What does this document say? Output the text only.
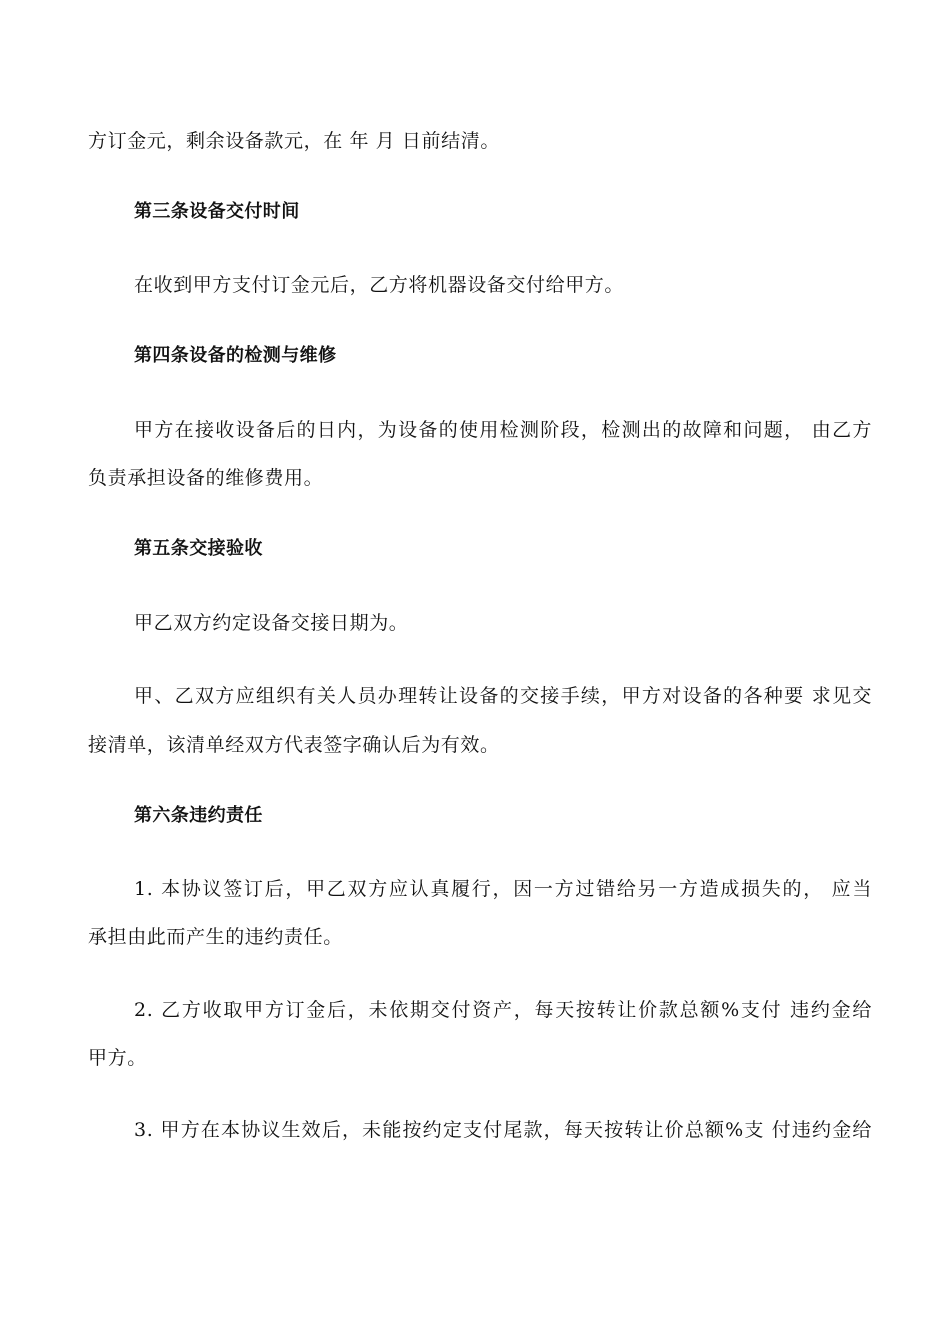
方订金元，剩余设备款元，在 年 月 日前结清。
第三条设备交付时间
在收到甲方支付订金元后，乙方将机器设备交付给甲方。
第四条设备的检测与维修
甲方在接收设备后的日内，为设备的使用检测阶段，检测出的故障和问题， 由乙方
负责承担设备的维修费用。
第五条交接验收
甲乙双方约定设备交接日期为。
甲、乙双方应组织有关人员办理转让设备的交接手续，甲方对设备的各种要 求见交
接清单，该清单经双方代表签字确认后为有效。
第六条违约责任
1. 本协议签订后，甲乙双方应认真履行，因一方过错给另一方造成损失的， 应当
承担由此而产生的违约责任。
2. 乙方收取甲方订金后，未依期交付资产，每天按转让价款总额%支付 违约金给
甲方。
3. 甲方在本协议生效后，未能按约定支付尾款，每天按转让价总额%支 付违约金给
